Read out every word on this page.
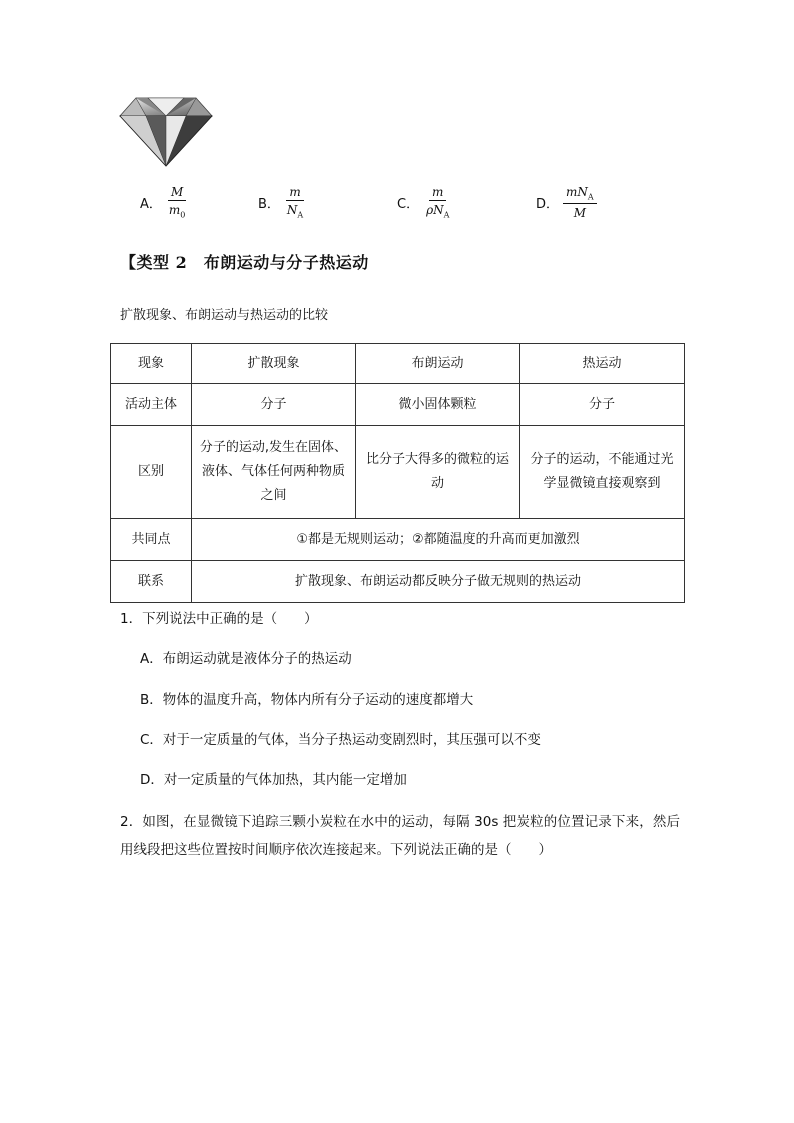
A． $\frac{M}{m_0}$	B． $\frac{m}{N_A}$	C． $\frac{m}{\rho N_A}$	D． $\frac{mN_A}{M}$
【类型 2　布朗运动与分子热运动
扩散现象、布朗运动与热运动的比较
现象	扩散现象	布朗运动	热运动
活动主体	分子	微小固体颗粒	分子
区别	分子的运动,发生在固体、液体、气体任何两种物质之间	比分子大得多的微粒的运动	分子的运动，不能通过光学显微镜直接观察到
共同点	①都是无规则运动；②都随温度的升高而更加激烈		
联系	扩散现象、布朗运动都反映分子做无规则的热运动		
1．下列说法中正确的是（　　）
A．布朗运动就是液体分子的热运动
B．物体的温度升高，物体内所有分子运动的速度都增大
C．对于一定质量的气体，当分子热运动变剧烈时，其压强可以不变
D．对一定质量的气体加热，其内能一定增加
2．如图，在显微镜下追踪三颗小炭粒在水中的运动，每隔 30s 把炭粒的位置记录下来，然后用线段把这些位置按时间顺序依次连接起来。下列说法正确的是（　　）
